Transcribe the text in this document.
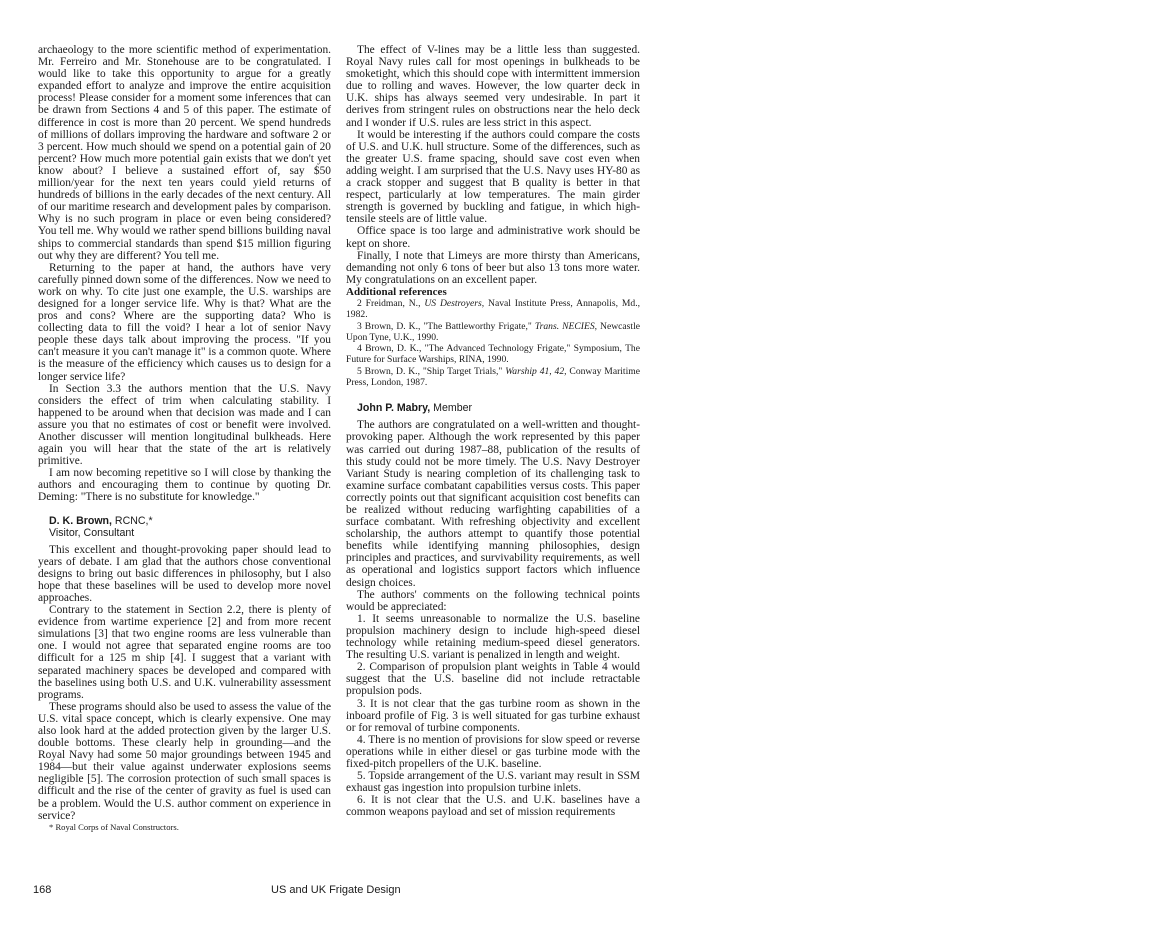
archaeology to the more scientific method of experimentation. Mr. Ferreiro and Mr. Stonehouse are to be congratulated. I would like to take this opportunity to argue for a greatly expanded effort to analyze and improve the entire acquisition process! Please consider for a moment some inferences that can be drawn from Sections 4 and 5 of this paper. The estimate of difference in cost is more than 20 percent. We spend hundreds of millions of dollars improving the hardware and software 2 or 3 percent. How much should we spend on a potential gain of 20 percent? How much more potential gain exists that we don't yet know about? I believe a sustained effort of, say $50 million/year for the next ten years could yield returns of hundreds of billions in the early decades of the next century. All of our maritime research and development pales by comparison. Why is no such program in place or even being considered? You tell me. Why would we rather spend billions building naval ships to commercial standards than spend $15 million figuring out why they are different? You tell me.

Returning to the paper at hand, the authors have very carefully pinned down some of the differences. Now we need to work on why. To cite just one example, the U.S. warships are designed for a longer service life. Why is that? What are the pros and cons? Where are the supporting data? Who is collecting data to fill the void? I hear a lot of senior Navy people these days talk about improving the process. "If you can't measure it you can't manage it" is a common quote. Where is the measure of the efficiency which causes us to design for a longer service life?

In Section 3.3 the authors mention that the U.S. Navy considers the effect of trim when calculating stability. I happened to be around when that decision was made and I can assure you that no estimates of cost or benefit were involved. Another discusser will mention longitudinal bulkheads. Here again you will hear that the state of the art is relatively primitive.

I am now becoming repetitive so I will close by thanking the authors and encouraging them to continue by quoting Dr. Deming: "There is no substitute for knowledge."

D. K. Brown, RCNC,*

Visitor, Consultant

This excellent and thought-provoking paper should lead to years of debate. I am glad that the authors chose conventional designs to bring out basic differences in philosophy, but I also hope that these baselines will be used to develop more novel approaches.

Contrary to the statement in Section 2.2, there is plenty of evidence from wartime experience [2] and from more recent simulations [3] that two engine rooms are less vulnerable than one. I would not agree that separated engine rooms are too difficult for a 125 m ship [4]. I suggest that a variant with separated machinery spaces be developed and compared with the baselines using both U.S. and U.K. vulnerability assessment programs.

These programs should also be used to assess the value of the U.S. vital space concept, which is clearly expensive. One may also look hard at the added protection given by the larger U.S. double bottoms. These clearly help in grounding—and the Royal Navy had some 50 major groundings between 1945 and 1984—but their value against underwater explosions seems negligible [5]. The corrosion protection of such small spaces is difficult and the rise of the center of gravity as fuel is used can be a problem. Would the U.S. author comment on experience in service?

* Royal Corps of Naval Constructors.

The effect of V-lines may be a little less than suggested. Royal Navy rules call for most openings in bulkheads to be smoketight, which this should cope with intermittent immersion due to rolling and waves. However, the low quarter deck in U.K. ships has always seemed very undesirable. In part it derives from stringent rules on obstructions near the helo deck and I wonder if U.S. rules are less strict in this aspect.

It would be interesting if the authors could compare the costs of U.S. and U.K. hull structure. Some of the differences, such as the greater U.S. frame spacing, should save cost even when adding weight. I am surprised that the U.S. Navy uses HY-80 as a crack stopper and suggest that B quality is better in that respect, particularly at low temperatures. The main girder strength is governed by buckling and fatigue, in which high-tensile steels are of little value.

Office space is too large and administrative work should be kept on shore.

Finally, I note that Limeys are more thirsty than Americans, demanding not only 6 tons of beer but also 13 tons more water. My congratulations on an excellent paper.

Additional references

2 Freidman, N., US Destroyers, Naval Institute Press, Annapolis, Md., 1982.

3 Brown, D. K., "The Battleworthy Frigate," Trans. NECIES, Newcastle Upon Tyne, U.K., 1990.

4 Brown, D. K., "The Advanced Technology Frigate," Symposium, The Future for Surface Warships, RINA, 1990.

5 Brown, D. K., "Ship Target Trials," Warship 41, 42, Conway Maritime Press, London, 1987.

John P. Mabry, Member

The authors are congratulated on a well-written and thought-provoking paper. Although the work represented by this paper was carried out during 1987–88, publication of the results of this study could not be more timely. The U.S. Navy Destroyer Variant Study is nearing completion of its challenging task to examine surface combatant capabilities versus costs. This paper correctly points out that significant acquisition cost benefits can be realized without reducing warfighting capabilities of a surface combatant. With refreshing objectivity and excellent scholarship, the authors attempt to quantify those potential benefits while identifying manning philosophies, design principles and practices, and survivability requirements, as well as operational and logistics support factors which influence design choices.

The authors' comments on the following technical points would be appreciated:

1. It seems unreasonable to normalize the U.S. baseline propulsion machinery design to include high-speed diesel technology while retaining medium-speed diesel generators. The resulting U.S. variant is penalized in length and weight.

2. Comparison of propulsion plant weights in Table 4 would suggest that the U.S. baseline did not include retractable propulsion pods.

3. It is not clear that the gas turbine room as shown in the inboard profile of Fig. 3 is well situated for gas turbine exhaust or for removal of turbine components.

4. There is no mention of provisions for slow speed or reverse operations while in either diesel or gas turbine mode with the fixed-pitch propellers of the U.K. baseline.

5. Topside arrangement of the U.S. variant may result in SSM exhaust gas ingestion into propulsion turbine inlets.

6. It is not clear that the U.S. and U.K. baselines have a common weapons payload and set of mission requirements

168	US and UK Frigate Design
